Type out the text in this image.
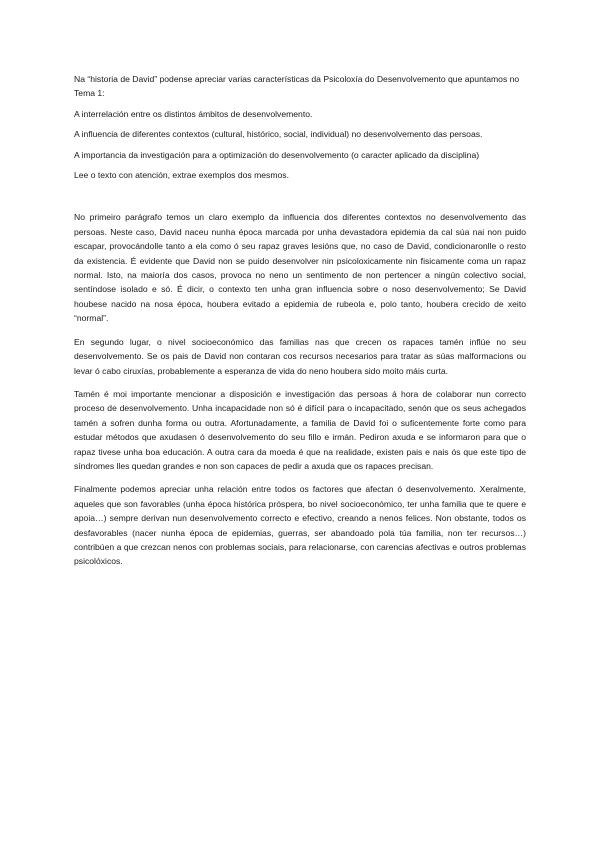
Na “historia de David” podense apreciar varias características da Psicoloxía do Desenvolvemento que apuntamos no Tema 1:

A interrelación entre os distintos ámbitos de desenvolvemento.

A influencia de diferentes contextos (cultural, histórico, social, individual) no desenvolvemento das persoas.

A importancia da investigación para a optimización do desenvolvemento (o caracter aplicado da disciplina)

Lee o texto con atención, extrae exemplos dos mesmos.

No primeiro parágrafo temos un claro exemplo da influencia dos diferentes contextos no desenvolvemento das persoas. Neste caso, David naceu nunha época marcada por unha devastadora epidemia da cal súa nai non puido escapar, provocándolle tanto a ela como ó seu rapaz graves lesións que, no caso de David, condicionaronlle o resto da existencia. É evidente que David non se puido desenvolver nin psicoloxicamente nin fisicamente coma un rapaz normal. Isto, na maioría dos casos, provoca no neno un sentimento de non pertencer a ningún colectivo social, sentíndose isolado e só. É dicir, o contexto ten unha gran influencia sobre o noso desenvolvemento; Se David houbese nacido na nosa época, houbera evitado a epidemia de rubeola e, polo tanto, houbera crecido de xeito “normal”.

En segundo lugar, o nivel socioeconómico das familias nas que crecen os rapaces tamén inflúe no seu desenvolvemento. Se os pais de David non contaran cos recursos necesarios para tratar as súas malformacions ou levar ó cabo ciruxías, probablemente a esperanza de vida do neno houbera sido moito máis curta.

Tamén é moi importante mencionar a disposición e investigación das persoas á hora de colaborar nun correcto proceso de desenvolvemento. Unha incapacidade non só é difícil para o incapacitado, senón que os seus achegados tamén a sofren dunha forma ou outra. Afortunadamente, a familia de David foi o suficentemente forte como para estudar métodos que axudasen ó desenvolvemento do seu fillo e irmán. Pediron axuda e se informaron para que o rapaz tivese unha boa educación. A outra cara da moeda é que na realidade, existen pais e nais ós que este tipo de síndromes lles quedan grandes e non son capaces de pedir a axuda que os rapaces precisan.

Finalmente podemos apreciar unha relación entre todos os factores que afectan ó desenvolvemento. Xeralmente, aqueles que son favorables (unha época histórica próspera, bo nivel socioeconómico, ter unha familia que te quere e apoia…) sempre derivan nun desenvolvemento correcto e efectivo, creando a nenos felices. Non obstante, todos os desfavorables (nacer nunha época de epidemias, guerras, ser abandoado pola túa familia, non ter recursos…) contribúen a que crezcan nenos con problemas sociais, para relacionarse, con carencias afectivas e outros problemas psicolóxicos.
